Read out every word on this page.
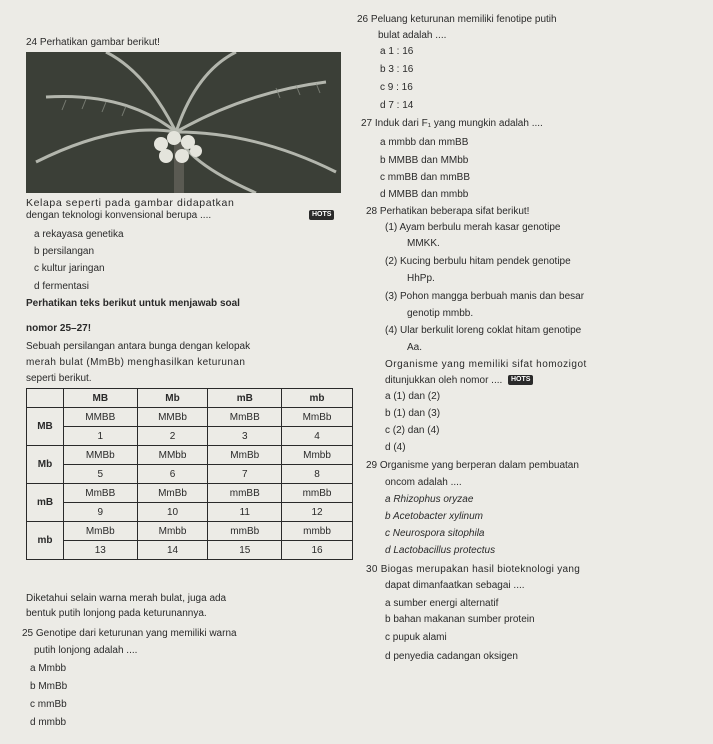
24 Perhatikan gambar berikut!
Kelapa seperti pada gambar didapatkan
dengan teknologi konvensional berupa ....	HOTS
a rekayasa genetika
b persilangan
c kultur jaringan
d fermentasi
Perhatikan teks berikut untuk menjawab soal
nomor 25–27!
Sebuah persilangan antara bunga dengan kelopak
merah bulat (MmBb) menghasilkan keturunan
seperti berikut.
	MB	Mb	mB	mb
MB	MMBB	MMBb	MmBB	MmBb
	1	2	3	4
Mb	MMBb	MMbb	MmBb	Mmbb
	5	6	7	8
mB	MmBB	MmBb	mmBB	mmBb
	9	10	11	12
mb	MmBb	Mmbb	mmBb	mmbb
	13	14	15	16
Diketahui selain warna merah bulat, juga ada
bentuk putih lonjong pada keturunannya.
25 Genotipe dari keturunan yang memiliki warna
putih lonjong adalah ....
a Mmbb
b MmBb
c mmBb
d mmbb
26 Peluang keturunan memiliki fenotipe putih
bulat adalah ....
a 1 : 16
b 3 : 16
c 9 : 16
d 7 : 14
27 Induk dari F₁ yang mungkin adalah ....
a mmbb dan mmBB
b MMBB dan MMbb
c mmBB dan mmBB
d MMBB dan mmbb
28 Perhatikan beberapa sifat berikut!
(1) Ayam berbulu merah kasar genotipe
MMKK.
(2) Kucing berbulu hitam pendek genotipe
HhPp.
(3) Pohon mangga berbuah manis dan besar
genotip mmbb.
(4) Ular berkulit loreng coklat hitam genotipe
Aa.
Organisme yang memiliki sifat homozigot
ditunjukkan oleh nomor ....	HOTS
a (1) dan (2)
b (1) dan (3)
c (2) dan (4)
d (4)
29 Organisme yang berperan dalam pembuatan
oncom adalah ....
a Rhizophus oryzae
b Acetobacter xylinum
c Neurospora sitophila
d Lactobacillus protectus
30 Biogas merupakan hasil bioteknologi yang
dapat dimanfaatkan sebagai ....
a sumber energi alternatif
b bahan makanan sumber protein
c pupuk alami
d penyedia cadangan oksigen
